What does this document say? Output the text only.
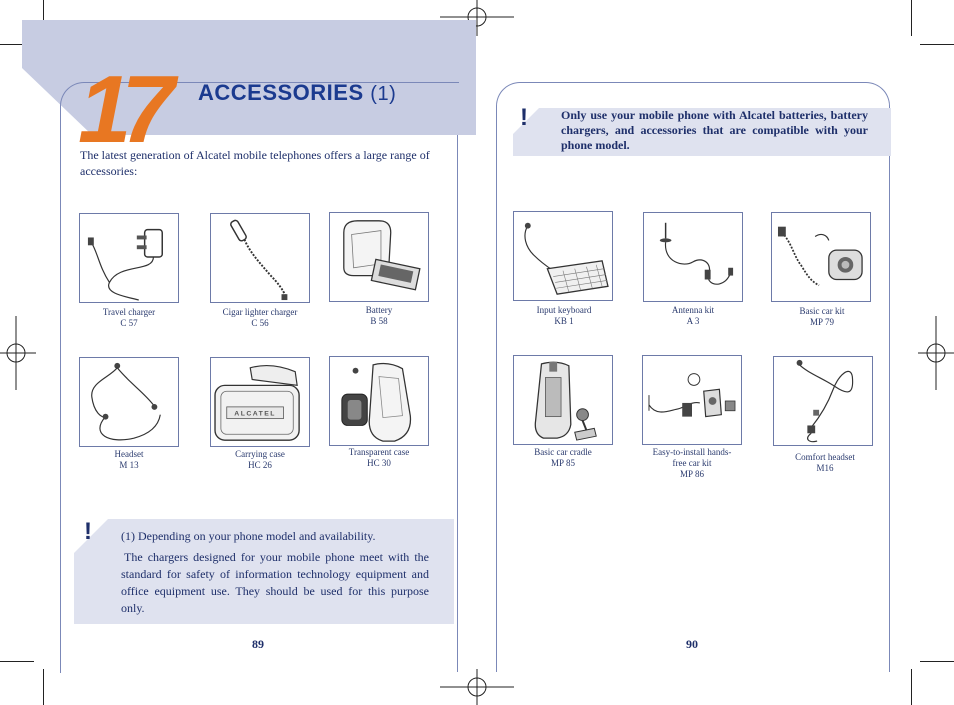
17 ACCESSORIES (1)
The latest generation of Alcatel mobile telephones offers a large range of accessories:
Travel charger
C 57
Cigar lighter charger
C 56
Battery
B 58
Headset
M 13
ALCATEL
Carrying case
HC 26
Transparent case
HC 30
! (1) Depending on your phone model and availability.

The chargers designed for your mobile phone meet with the standard for safety of information technology equipment and office equipment use. They should be used for this purpose only.

89
!	Only use your mobile phone with Alcatel batteries, battery chargers, and accessories that are compatible with your phone model.
Input keyboard
KB 1
Antenna kit
A 3
Basic car kit
MP 79
Basic car cradle
MP 85
Easy-to-install hands-free car kit
MP 86
Comfort headset
M16
90
